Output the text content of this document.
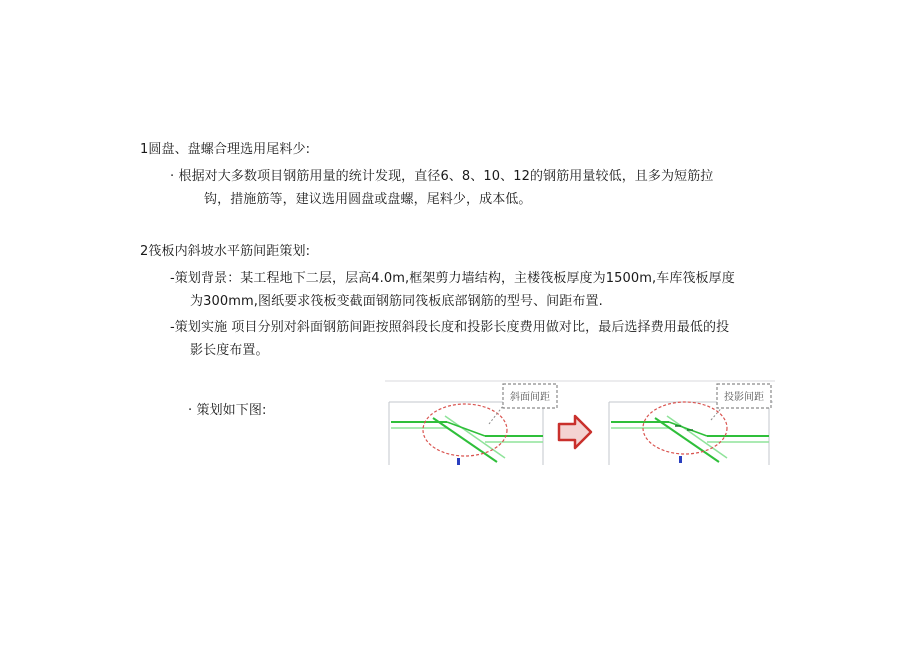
1圆盘、盘螺合理选用尾料少:
· 根据对大多数项目钢筋用量的统计发现，直径6、8、10、12的钢筋用量较低，且多为短筋拉
钩，措施筋等，建议选用圆盘或盘螺，尾料少，成本低。
2筏板内斜坡水平筋间距策划:
-策划背景：某工程地下二层，层高4.0m,框架剪力墙结构，主楼筏板厚度为1500m,车库筏板厚度
为300mm,图纸要求筏板变截面钢筋同筏板底部钢筋的型号、间距布置.
-策划实施 项目分别对斜面钢筋间距按照斜段长度和投影长度费用做对比，最后选择费用最低的投
影长度布置。
· 策划如下图:
斜面间距	投影间距
